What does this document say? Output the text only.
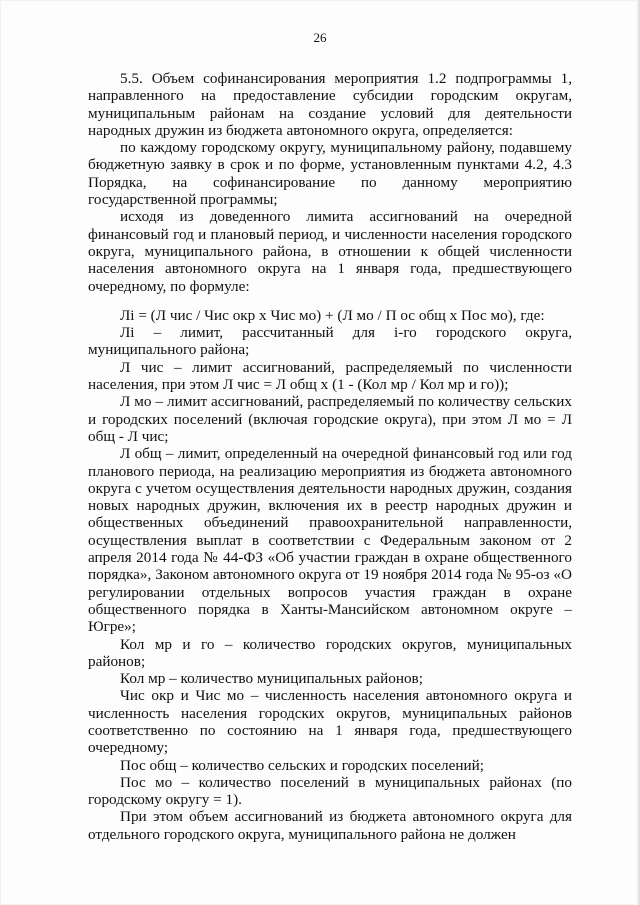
26

5.5. Объем софинансирования мероприятия 1.2 подпрограммы 1, направленного на предоставление субсидии городским округам, муниципальным районам на создание условий для деятельности народных дружин из бюджета автономного округа, определяется:

по каждому городскому округу, муниципальному району, подавшему бюджетную заявку в срок и по форме, установленным пунктами 4.2, 4.3 Порядка, на софинансирование по данному мероприятию государственной программы;

исходя из доведенного лимита ассигнований на очередной финансовый год и плановый период, и численности населения городского округа, муниципального района, в отношении к общей численности населения автономного округа на 1 января года, предшествующего очередному, по формуле:

Лi = (Л чис / Чис окр х Чис мо) + (Л мо / П ос общ х Пос мо), где:

Лi – лимит, рассчитанный для i-го городского округа, муниципального района;

Л чис – лимит ассигнований, распределяемый по численности населения, при этом Л чис = Л общ х (1 - (Кол мр / Кол мр и го));

Л мо – лимит ассигнований, распределяемый по количеству сельских и городских поселений (включая городские округа), при этом Л мо = Л общ - Л чис;

Л общ – лимит, определенный на очередной финансовый год или год планового периода, на реализацию мероприятия из бюджета автономного округа с учетом осуществления деятельности народных дружин, создания новых народных дружин, включения их в реестр народных дружин и общественных объединений правоохранительной направленности, осуществления выплат в соответствии с Федеральным законом от 2 апреля 2014 года № 44-ФЗ «Об участии граждан в охране общественного порядка», Законом автономного округа от 19 ноября 2014 года № 95-оз «О регулировании отдельных вопросов участия граждан в охране общественного порядка в Ханты-Мансийском автономном округе – Югре»;

Кол мр и го – количество городских округов, муниципальных районов;

Кол мр – количество муниципальных районов;

Чис окр и Чис мо – численность населения автономного округа и численность населения городских округов, муниципальных районов соответственно по состоянию на 1 января года, предшествующего очередному;

Пос общ – количество сельских и городских поселений;

Пос мо – количество поселений в муниципальных районах (по городскому округу = 1).

При этом объем ассигнований из бюджета автономного округа для отдельного городского округа, муниципального района не должен
